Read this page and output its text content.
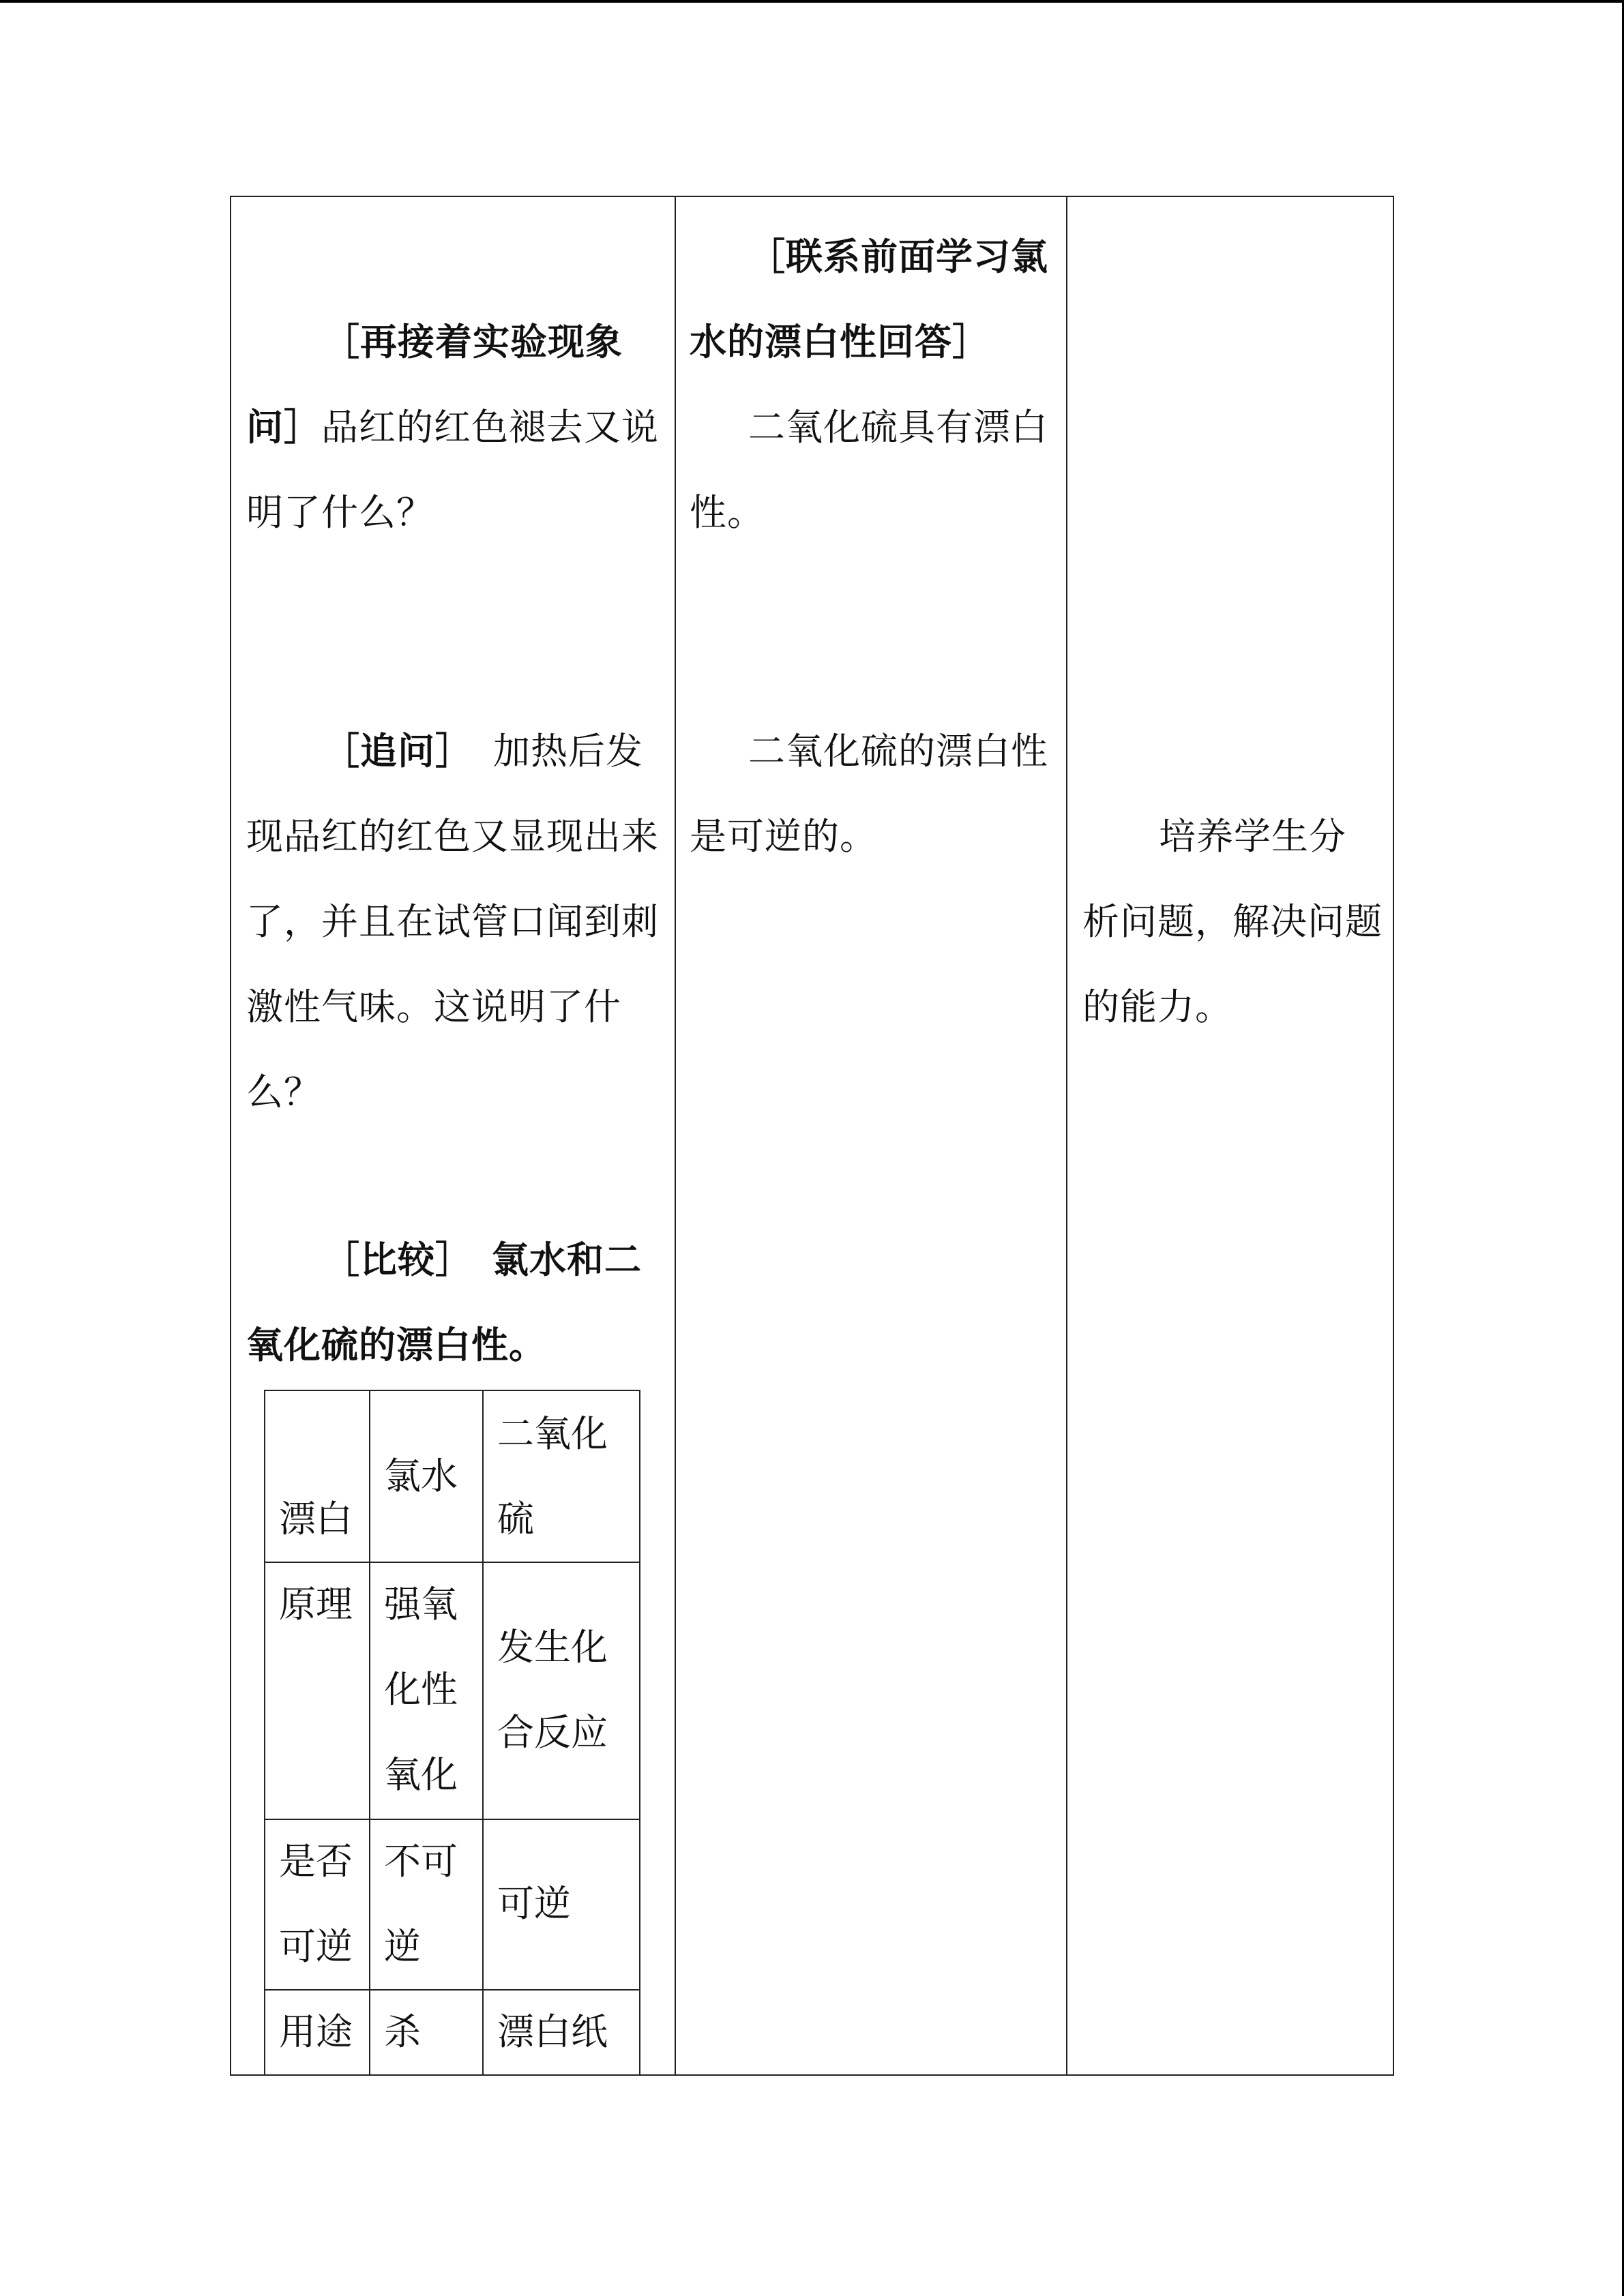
［再接着实验现象问］品红的红色褪去又说明了什么？
［追问］ 加热后发现品红的红色又显现出来了，并且在试管口闻到刺激性气味。这说明了什么？
［比较］　氯水和二氧化硫的漂白性。
氯水
二氧化硫
漂白原理 强氧化性氧化
发生化合反应
是否可逆
不可逆
可逆
用途 杀	漂白纸
［联系前面学习氯水的漂白性回答］
二氧化硫具有漂白性。
二氧化硫的漂白性是可逆的。	培养学生分析问题，解决问题的能力。
